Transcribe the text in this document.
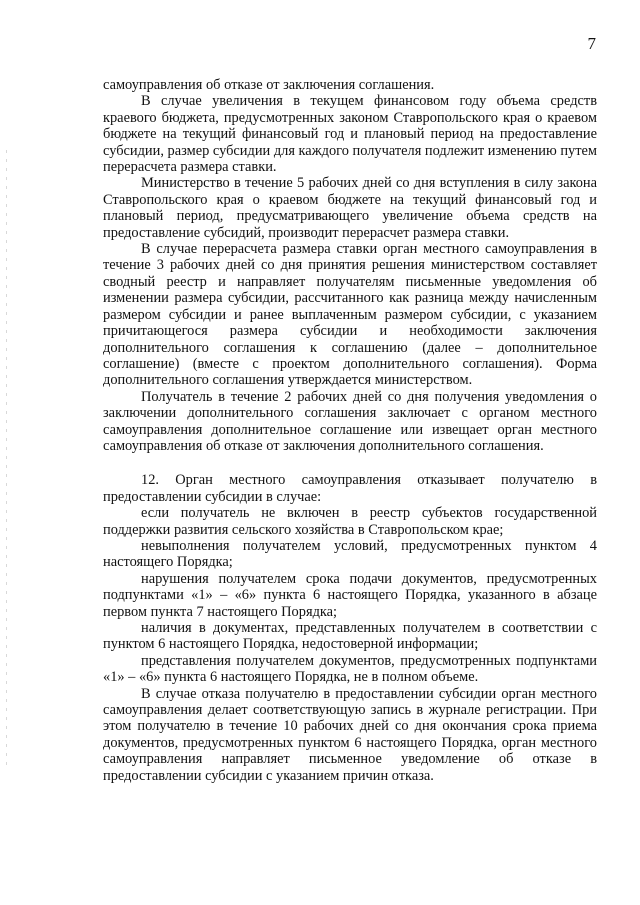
7

самоуправления об отказе от заключения соглашения.

В случае увеличения в текущем финансовом году объема средств краевого бюджета, предусмотренных законом Ставропольского края о краевом бюджете на текущий финансовый год и плановый период на предоставление субсидии, размер субсидии для каждого получателя подлежит изменению путем перерасчета размера ставки.

Министерство в течение 5 рабочих дней со дня вступления в силу закона Ставропольского края о краевом бюджете на текущий финансовый год и плановый период, предусматривающего увеличение объема средств на предоставление субсидий, производит перерасчет размера ставки.

В случае перерасчета размера ставки орган местного самоуправления в течение 3 рабочих дней со дня принятия решения министерством составляет сводный реестр и направляет получателям письменные уведомления об изменении размера субсидии, рассчитанного как разница между начисленным размером субсидии и ранее выплаченным размером субсидии, с указанием причитающегося размера субсидии и необходимости заключения дополнительного соглашения к соглашению (далее – дополнительное соглашение) (вместе с проектом дополнительного соглашения). Форма дополнительного соглашения утверждается министерством.

Получатель в течение 2 рабочих дней со дня получения уведомления о заключении дополнительного соглашения заключает с органом местного самоуправления дополнительное соглашение или извещает орган местного самоуправления об отказе от заключения дополнительного соглашения.

12. Орган местного самоуправления отказывает получателю в предоставлении субсидии в случае:

если получатель не включен в реестр субъектов государственной поддержки развития сельского хозяйства в Ставропольском крае;

невыполнения получателем условий, предусмотренных пунктом 4 настоящего Порядка;

нарушения получателем срока подачи документов, предусмотренных подпунктами «1» – «6» пункта 6 настоящего Порядка, указанного в абзаце первом пункта 7 настоящего Порядка;

наличия в документах, представленных получателем в соответствии с пунктом 6 настоящего Порядка, недостоверной информации;

представления получателем документов, предусмотренных подпунктами «1» – «6» пункта 6 настоящего Порядка, не в полном объеме.

В случае отказа получателю в предоставлении субсидии орган местного самоуправления делает соответствующую запись в журнале регистрации. При этом получателю в течение 10 рабочих дней со дня окончания срока приема документов, предусмотренных пунктом 6 настоящего Порядка, орган местного самоуправления направляет письменное уведомление об отказе в предоставлении субсидии с указанием причин отказа.
